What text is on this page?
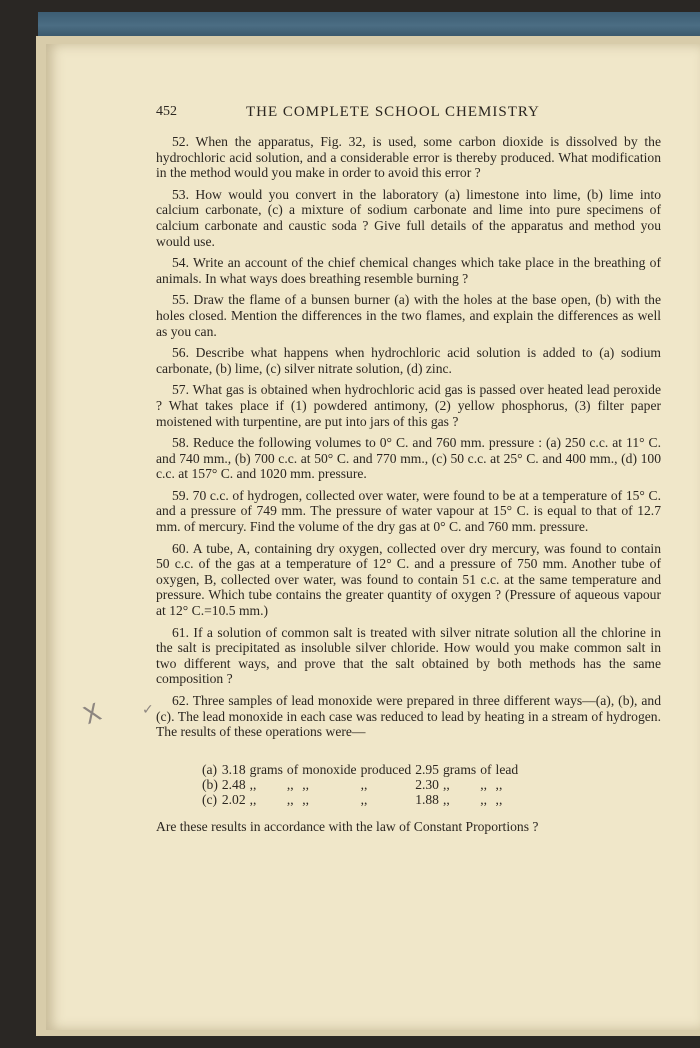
452	THE COMPLETE SCHOOL CHEMISTRY

52. When the apparatus, Fig. 32, is used, some carbon dioxide is dissolved by the hydrochloric acid solution, and a considerable error is thereby produced. What modification in the method would you make in order to avoid this error ?

53. How would you convert in the laboratory (a) limestone into lime, (b) lime into calcium carbonate, (c) a mixture of sodium carbonate and lime into pure specimens of calcium carbonate and caustic soda ? Give full details of the apparatus and method you would use.

54. Write an account of the chief chemical changes which take place in the breathing of animals. In what ways does breathing resemble burning ?

55. Draw the flame of a bunsen burner (a) with the holes at the base open, (b) with the holes closed. Mention the differences in the two flames, and explain the differences as well as you can.

56. Describe what happens when hydrochloric acid solution is added to (a) sodium carbonate, (b) lime, (c) silver nitrate solution, (d) zinc.

57. What gas is obtained when hydrochloric acid gas is passed over heated lead peroxide ? What takes place if (1) powdered antimony, (2) yellow phosphorus, (3) filter paper moistened with turpentine, are put into jars of this gas ?

58. Reduce the following volumes to 0° C. and 760 mm. pressure : (a) 250 c.c. at 11° C. and 740 mm., (b) 700 c.c. at 50° C. and 770 mm., (c) 50 c.c. at 25° C. and 400 mm., (d) 100 c.c. at 157° C. and 1020 mm. pressure.

59. 70 c.c. of hydrogen, collected over water, were found to be at a temperature of 15° C. and a pressure of 749 mm. The pressure of water vapour at 15° C. is equal to that of 12.7 mm. of mercury. Find the volume of the dry gas at 0° C. and 760 mm. pressure.

60. A tube, A, containing dry oxygen, collected over dry mercury, was found to contain 50 c.c. of the gas at a temperature of 12° C. and a pressure of 750 mm. Another tube of oxygen, B, collected over water, was found to contain 51 c.c. at the same temperature and pressure. Which tube contains the greater quantity of oxygen ? (Pressure of aqueous vapour at 12° C.=10.5 mm.)

61. If a solution of common salt is treated with silver nitrate solution all the chlorine in the salt is precipitated as insoluble silver chloride. How would you make common salt in two different ways, and prove that the salt obtained by both methods has the same composition ?

62. Three samples of lead monoxide were prepared in three different ways—(a), (b), and (c). The lead monoxide in each case was reduced to lead by heating in a stream of hydrogen. The results of these operations were—

(a)	3.18	grams	of	monoxide	produced	2.95	grams	of	lead
(b)	2.48	,,	,,	,,	,,	2.30	,,	,,	,,
(c)	2.02	,,	,,	,,	,,	1.88	,,	,,	,,

Are these results in accordance with the law of Constant Proportions ?

X	✓
